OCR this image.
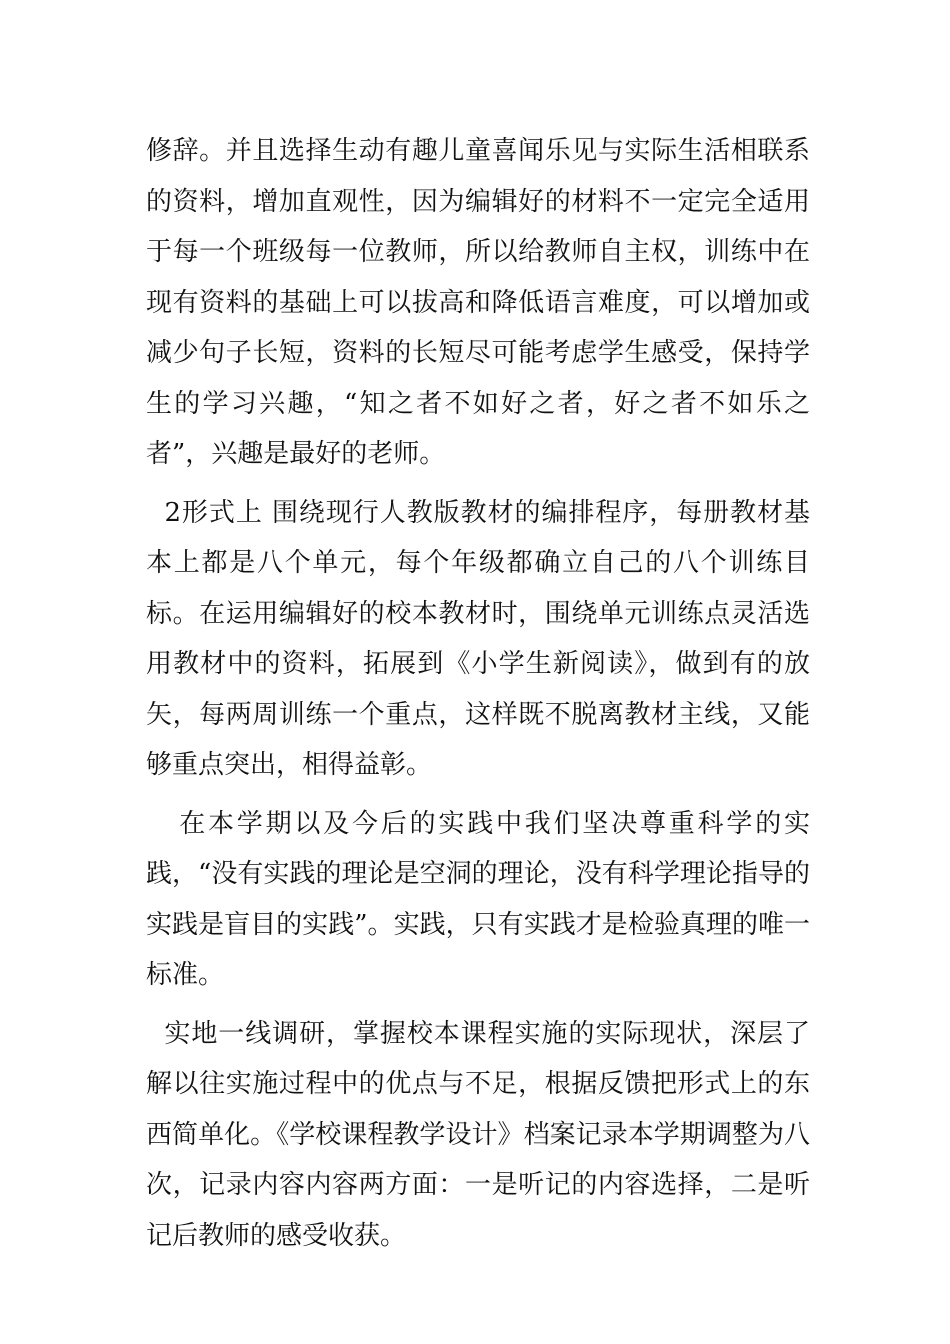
修辞。并且选择生动有趣儿童喜闻乐见与实际生活相联系的资料，增加直观性，因为编辑好的材料不一定完全适用于每一个班级每一位教师，所以给教师自主权，训练中在现有资料的基础上可以拔高和降低语言难度，可以增加或减少句子长短，资料的长短尽可能考虑学生感受，保持学生的学习兴趣，“知之者不如好之者，好之者不如乐之者”，兴趣是最好的老师。

2形式上 围绕现行人教版教材的编排程序，每册教材基本上都是八个单元，每个年级都确立自己的八个训练目标。在运用编辑好的校本教材时，围绕单元训练点灵活选用教材中的资料，拓展到《小学生新阅读》，做到有的放矢，每两周训练一个重点，这样既不脱离教材主线，又能够重点突出，相得益彰。

在本学期以及今后的实践中我们坚决尊重科学的实践，“没有实践的理论是空洞的理论，没有科学理论指导的实践是盲目的实践”。实践，只有实践才是检验真理的唯一标准。

实地一线调研，掌握校本课程实施的实际现状，深层了解以往实施过程中的优点与不足，根据反馈把形式上的东西简单化。《学校课程教学设计》档案记录本学期调整为八次，记录内容内容两方面：一是听记的内容选择，二是听记后教师的感受收获。
